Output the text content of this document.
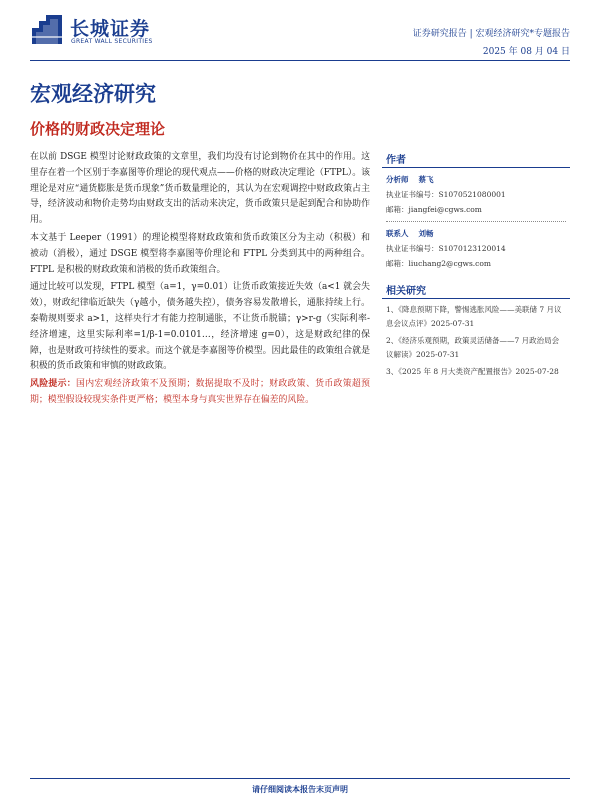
长城证券
GREAT WALL SECURITIES
证券研究报告 | 宏观经济研究*专题报告
2025 年 08 月 04 日
宏观经济研究
价格的财政决定理论

在以前 DSGE 模型讨论财政政策的文章里，我们均没有讨论到物价在其中的作用。这里存在着一个区别于李嘉图等价理论的现代观点——价格的财政决定理论（FTPL）。该理论是对应“通货膨胀是货币现象”货币数量理论的，其认为在宏观调控中财政政策占主导，经济波动和物价走势均由财政支出的活动来决定，货币政策只是起到配合和协助作用。

本文基于 Leeper（1991）的理论模型将财政政策和货币政策区分为主动（积极）和被动（消极），通过 DSGE 模型将李嘉图等价理论和 FTPL 分类到其中的两种组合。FTPL 是积极的财政政策和消极的货币政策组合。

通过比较可以发现，FTPL 模型（a=1，γ=0.01）让货币政策接近失效（a<1 就会失效），财政纪律临近缺失（γ越小，债务越失控），债务容易发散增长，通胀持续上行。泰勒规则要求 a>1，这样央行才有能力控制通胀，不让货币脱锚；γ>r-g（实际利率-经济增速，这里实际利率=1/β-1=0.0101…，经济增速 g=0），这是财政纪律的保障，也是财政可持续性的要求。而这个就是李嘉图等价模型。因此最佳的政策组合就是积极的货币政策和审慎的财政政策。

风险提示：国内宏观经济政策不及预期；数据提取不及时；财政政策、货币政策超预期；模型假设较现实条件更严格；模型本身与真实世界存在偏差的风险。

作者
分析师 蔡飞
执业证书编号：S1070521080001
邮箱：jiangfei@cgws.com
联系人 刘畅
执业证书编号：S1070123120014
邮箱：liuchang2@cgws.com
相关研究
1、《降息预期下降，警惕逃胀风险——美联储 7 月议息会议点评》2025-07-31
2、《经济乐观预期，政策灵活储备——7 月政治局会议解读》2025-07-31
3、《2025 年 8 月大类资产配置报告》2025-07-28
请仔细阅读本报告末页声明
